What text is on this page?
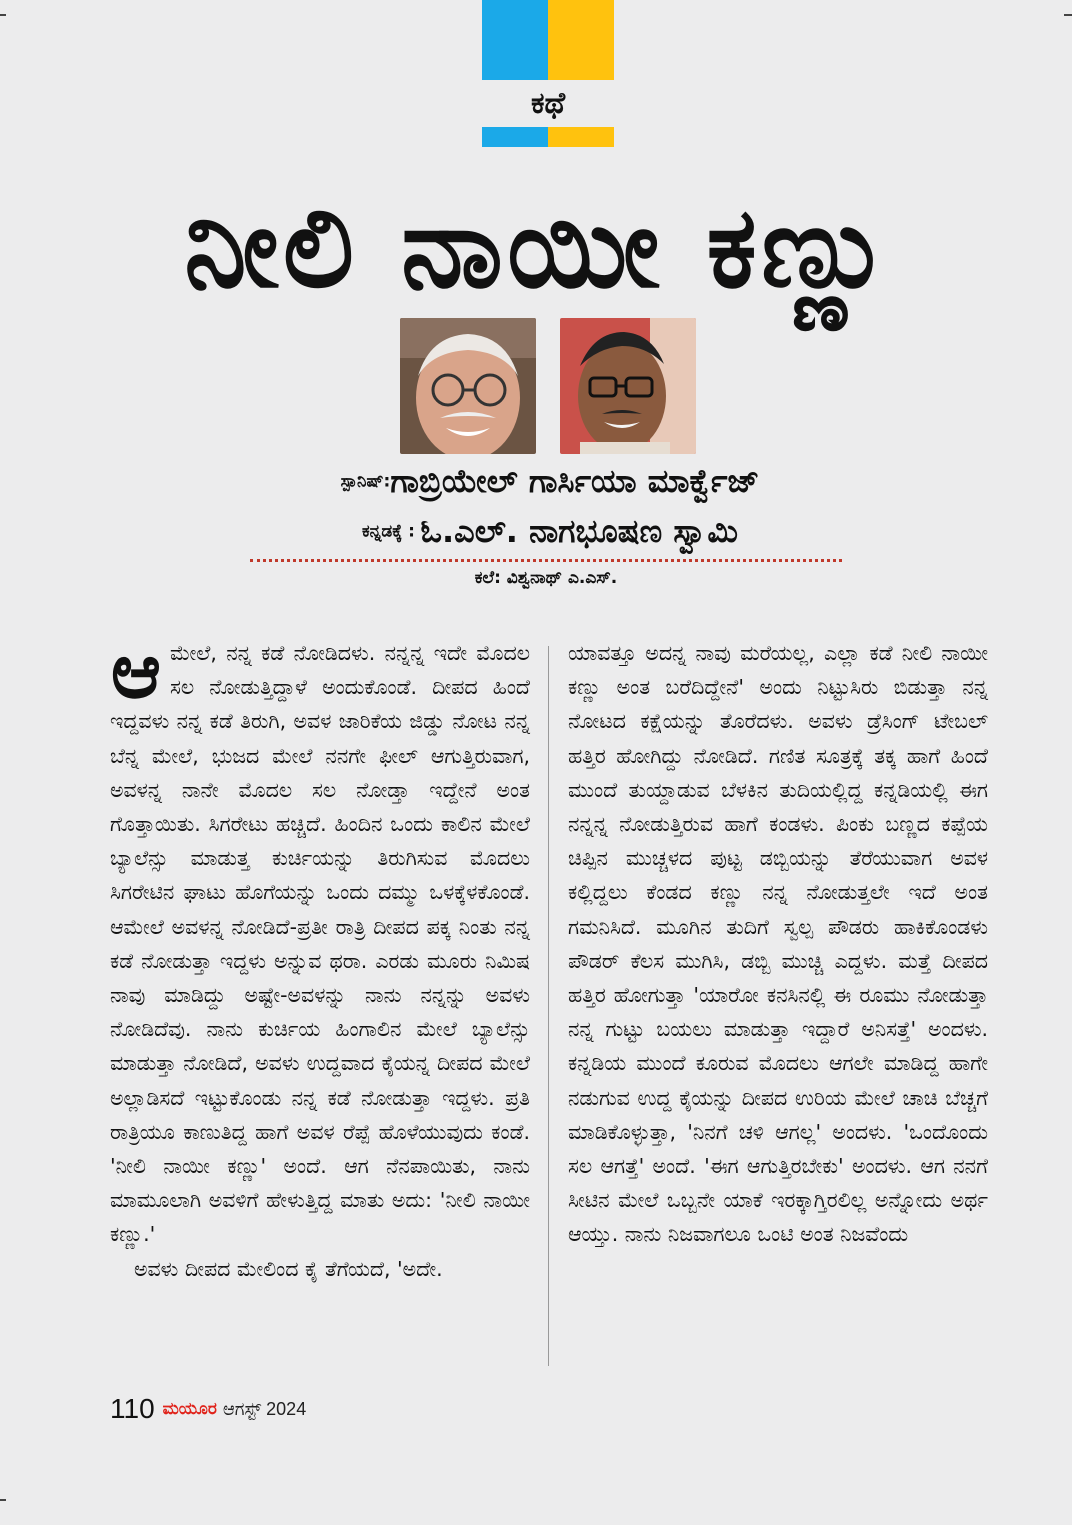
ಕಥೆ
ನೀಲಿ ನಾಯೀ ಕಣ್ಣು
ಸ್ಪಾನಿಷ್:ಗಾಬ್ರಿಯೇಲ್ ಗಾರ್ಸಿಯಾ ಮಾರ್ಕ್ವೆಜ್
ಕನ್ನಡಕ್ಕೆ : ಓ.ಎಲ್. ನಾಗಭೂಷಣ ಸ್ವಾಮಿ
ಕಲೆ: ವಿಶ್ವನಾಥ್ ಎ.ಎಸ್.

ಆಮೇಲೆ, ನನ್ನ ಕಡೆ ನೋಡಿದಳು. ನನ್ನನ್ನ ಇದೇ ಮೊದಲ ಸಲ ನೋಡುತ್ತಿದ್ದಾಳೆ ಅಂದುಕೊಂಡೆ. ದೀಪದ ಹಿಂದೆ ಇದ್ದವಳು ನನ್ನ ಕಡೆ ತಿರುಗಿ, ಅವಳ ಜಾರಿಕೆಯ ಜಿಡ್ಡು ನೋಟ ನನ್ನ ಬೆನ್ನ ಮೇಲೆ, ಭುಜದ ಮೇಲೆ ನನಗೇ ಫೀಲ್ ಆಗುತ್ತಿರುವಾಗ, ಅವಳನ್ನ ನಾನೇ ಮೊದಲ ಸಲ ನೋಡ್ತಾ ಇದ್ದೇನೆ ಅಂತ ಗೊತ್ತಾಯಿತು. ಸಿಗರೇಟು ಹಚ್ಚಿದೆ. ಹಿಂದಿನ ಒಂದು ಕಾಲಿನ ಮೇಲೆ ಬ್ಯಾಲೆನ್ಸು ಮಾಡುತ್ತ ಕುರ್ಚಿಯನ್ನು ತಿರುಗಿಸುವ ಮೊದಲು ಸಿಗರೇಟಿನ ಘಾಟು ಹೊಗೆಯನ್ನು ಒಂದು ದಮ್ಮು ಒಳಕ್ಕೆಳಕೊಂಡೆ. ಆಮೇಲೆ ಅವಳನ್ನ ನೋಡಿದೆ-ಪ್ರತೀ ರಾತ್ರಿ ದೀಪದ ಪಕ್ಕ ನಿಂತು ನನ್ನ ಕಡೆ ನೋಡುತ್ತಾ ಇದ್ದಳು ಅನ್ನುವ ಥರಾ. ಎರಡು ಮೂರು ನಿಮಿಷ ನಾವು ಮಾಡಿದ್ದು ಅಷ್ಟೇ-ಅವಳನ್ನು ನಾನು ನನ್ನನ್ನು ಅವಳು ನೋಡಿದೆವು. ನಾನು ಕುರ್ಚಿಯ ಹಿಂಗಾಲಿನ ಮೇಲೆ ಬ್ಯಾಲೆನ್ಸು ಮಾಡುತ್ತಾ ನೋಡಿದೆ, ಅವಳು ಉದ್ದವಾದ ಕೈಯನ್ನ ದೀಪದ ಮೇಲೆ ಅಲ್ಲಾಡಿಸದೆ ಇಟ್ಟುಕೊಂಡು ನನ್ನ ಕಡೆ ನೋಡುತ್ತಾ ಇದ್ದಳು. ಪ್ರತಿ ರಾತ್ರಿಯೂ ಕಾಣುತಿದ್ದ ಹಾಗೆ ಅವಳ ರೆಪ್ಪೆ ಹೊಳೆಯುವುದು ಕಂಡೆ. 'ನೀಲಿ ನಾಯೀ ಕಣ್ಣು' ಅಂದೆ. ಆಗ ನೆನಪಾಯಿತು, ನಾನು ಮಾಮೂಲಾಗಿ ಅವಳಿಗೆ ಹೇಳುತ್ತಿದ್ದ ಮಾತು ಅದು: 'ನೀಲಿ ನಾಯೀ ಕಣ್ಣು.'

ಅವಳು ದೀಪದ ಮೇಲಿಂದ ಕೈ ತೆಗೆಯದೆ, 'ಅದೇ.

ಯಾವತ್ತೂ ಅದನ್ನ ನಾವು ಮರೆಯಲ್ಲ, ಎಲ್ಲಾ ಕಡೆ ನೀಲಿ ನಾಯೀ ಕಣ್ಣು ಅಂತ ಬರೆದಿದ್ದೇನೆ' ಅಂದು ನಿಟ್ಟುಸಿರು ಬಿಡುತ್ತಾ ನನ್ನ ನೋಟದ ಕಕ್ಷೆಯನ್ನು ತೊರೆದಳು. ಅವಳು ಡ್ರೆಸಿಂಗ್ ಟೇಬಲ್ ಹತ್ತಿರ ಹೋಗಿದ್ದು ನೋಡಿದೆ. ಗಣಿತ ಸೂತ್ರಕ್ಕೆ ತಕ್ಕ ಹಾಗೆ ಹಿಂದೆ ಮುಂದೆ ತುಯ್ದಾಡುವ ಬೆಳಕಿನ ತುದಿಯಲ್ಲಿದ್ದ ಕನ್ನಡಿಯಲ್ಲಿ ಈಗ ನನ್ನನ್ನ ನೋಡುತ್ತಿರುವ ಹಾಗೆ ಕಂಡಳು. ಪಿಂಕು ಬಣ್ಣದ ಕಪ್ಪೆಯ ಚಿಪ್ಪಿನ ಮುಚ್ಚಳದ ಪುಟ್ಟ ಡಬ್ಬಿಯನ್ನು ತೆರೆಯುವಾಗ ಅವಳ ಕಲ್ಲಿದ್ದಲು ಕೆಂಡದ ಕಣ್ಣು ನನ್ನ ನೋಡುತ್ತಲೇ ಇದೆ ಅಂತ ಗಮನಿಸಿದೆ. ಮೂಗಿನ ತುದಿಗೆ ಸ್ವಲ್ಪ ಪೌಡರು ಹಾಕಿಕೊಂಡಳು ಪೌಡರ್ ಕೆಲಸ ಮುಗಿಸಿ, ಡಬ್ಬಿ ಮುಚ್ಚಿ ಎದ್ದಳು. ಮತ್ತೆ ದೀಪದ ಹತ್ತಿರ ಹೋಗುತ್ತಾ 'ಯಾರೋ ಕನಸಿನಲ್ಲಿ ಈ ರೂಮು ನೋಡುತ್ತಾ ನನ್ನ ಗುಟ್ಟು ಬಯಲು ಮಾಡುತ್ತಾ ಇದ್ದಾರೆ ಅನಿಸತ್ತೆ' ಅಂದಳು. ಕನ್ನಡಿಯ ಮುಂದೆ ಕೂರುವ ಮೊದಲು ಆಗಲೇ ಮಾಡಿದ್ದ ಹಾಗೇ ನಡುಗುವ ಉದ್ದ ಕೈಯನ್ನು ದೀಪದ ಉರಿಯ ಮೇಲೆ ಚಾಚಿ ಬೆಚ್ಚಗೆ ಮಾಡಿಕೊಳ್ಳುತ್ತಾ, 'ನಿನಗೆ ಚಳಿ ಆಗಲ್ಲ' ಅಂದಳು. 'ಒಂದೊಂದು ಸಲ ಆಗತ್ತೆ' ಅಂದೆ. 'ಈಗ ಆಗುತ್ತಿರಬೇಕು' ಅಂದಳು. ಆಗ ನನಗೆ ಸೀಟಿನ ಮೇಲೆ ಒಬ್ಬನೇ ಯಾಕೆ ಇರಕ್ಕಾಗ್ತಿರಲಿಲ್ಲ ಅನ್ನೋದು ಅರ್ಥ ಆಯ್ತು. ನಾನು ನಿಜವಾಗಲೂ ಒಂಟಿ ಅಂತ ನಿಜವೆಂದು

110 ಮಯೂರ ಆಗಸ್ಟ್ 2024
